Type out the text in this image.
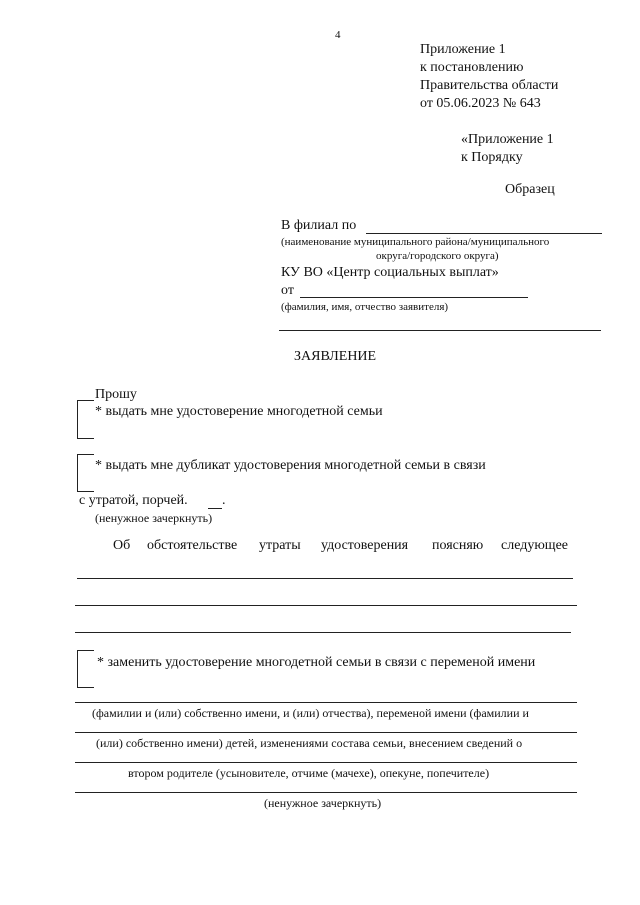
4
Приложение 1
к постановлению
Правительства области
от 05.06.2023 № 643
«Приложение 1
к Порядку
Образец
В филиал по
(наименование муниципального района/муниципального
округа/городского округа)
КУ ВО «Центр социальных выплат»
от
(фамилия, имя, отчество заявителя)
ЗАЯВЛЕНИЕ
Прошу
* выдать мне удостоверение многодетной семьи
* выдать мне дубликат удостоверения многодетной семьи в связи
с утратой, порчей. .
(ненужное зачеркнуть)
Об обстоятельстве утраты удостоверения поясняю следующее
* заменить удостоверение многодетной семьи в связи с переменой имени
(фамилии и (или) собственно имени, и (или) отчества), переменой имени (фамилии и
(или) собственно имени) детей, изменениями состава семьи, внесением сведений о
втором родителе (усыновителе, отчиме (мачехе), опекуне, попечителе)
(ненужное зачеркнуть)
